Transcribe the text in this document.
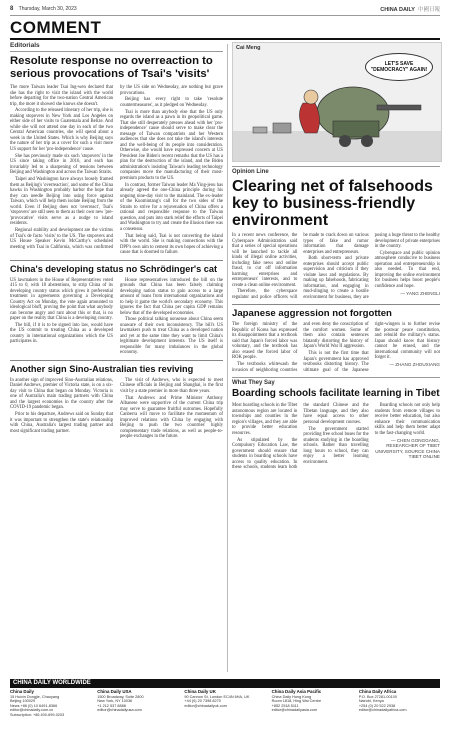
8 Thursday, March 30, 2023	CHINA DAILY 中國日報
COMMENT
Editorials
Resolute response no overreaction to serious provocations of Tsai's 'visits'

The more Taiwan leader Tsai Ing-wen declared that she has the right to visit the island with the world before departing for the two-nation Central American trip, the more it showed she knows she doesn't.

According to the released itinerary of her trip, she is making stopovers in New York and Los Angeles on either side of her visits to Guatemala and Belize. And while she will not attend one day in each of the two Central American countries, she will spend about a week in the United States. Which is why Beijing says the nature of her trip as a cover for such a visit more US support for her 'pro-independence' cause.

She has previously made six such 'stopovers' in the US since taking office in 2016, and each has invariably led to a sharpening of tensions between Beijing and Washington and across the Taiwan Straits.

Taipei and Washington have always loosely framed them as Beijing's 'overreaction', and some of the China hawks in Washington probably harbor the hope that they can needle Beijing into using force against Taiwan, which will help them isolate Beijing from the world. Even if Beijing does not 'overreact', Tsai's 'stopovers' are still seen to them as their own new 'pre-'provocative' visits serve as a nudge to island residents.

Regional stability and development are the victims of Tsai's de facto 'visits' to the US. The stopovers and US House Speaker Kevin McCarthy's scheduled meeting with Tsai in California, which was confirmed by the US side on Wednesday, are nothing but grave provocations.

Beijing has every right to take 'resolute countermeasures', as it pledged on Wednesday.

Tsai is more than anybody else that the US only regards the island as a pawn in its geopolitical game. That she still desperately presses ahead with her 'pro-independence' cause should serve to make clear the message of Taiwan compatriots and her Western audiences that she does not take the island's interests and the well-being of its people into consideration. Otherwise, she would have expressed concern at US President Joe Biden's recent remarks that the US has a plan for the destruction of the island, and the Biden administration's insisting Taiwan's leading technology companies move the manufacturing of their most-premium products to the US.

In contrast, former Taiwan leader Ma Ying-jeou has already agreed the one-China principle during his ongoing nine-day visit to the mainland. The ex-leader of the Kuomintang's call for the two sides of the Straits to strive for a rejuvenation of China offers a rational and responsible response to the Taiwan question, and puts into stark relief the efforts of Taipei and Washington to try and create the illusion there was a consensus.

That being said, Tsai is not converting the island with the world. She is making connections with the DPP's own aim to cement its own hopes of achieving a cause that is doomed to failure.

China's developing status no Schrödinger's cat

US lawmakers in the House of Representatives voted 415 to 0, with 18 abstentions, to strip China of its developing country status which gives it preferential treatment in agreements governing a Developing Country Act on Monday, the vote again amounted to ideological bluff, proving the point that what anybody can become angry and rant about this or that, is no paper on the reality that China is a developing country.

The bill, if it is to be signed into law, would have the US commit to treating China as a developed country in international organizations which the US participates in.

House representatives introduced the bill on the grounds that China has been falsely claiming developing nation status to gain access to a large amount of loans from international organizations and to help it game the world's secondary economy. This ignores the fact that China per capita GDP remains below that of the developed economies.

Those political talking nonsense about China seem unaware of their own inconsistency. The bill's US lawmakers push to treat China as a developed nation and yet at the same time they want to limit China's legitimate development interests. The US itself is responsible for many imbalances in the global economy.

Another sign Sino-Australian ties reviving

In another sign of improved Sino-Australian relations, Daniel Andrews, premier of Victoria state, is on a six-day visit to China that began on Monday. Victoria is one of Australia's main trading partners with China and the largest economies in the country after the COVID-19 pandemic began.

Prior to his departure, Andrews said on Sunday that it was important to strengthen the state's relationship with China, Australia's largest trading partner and most significant trading partner.

The visit of Andrews, who is expected to meet Chinese officials in Beijing and Shanghai, is the first visit by a state premier in more than three years.

That Andrews and Prime Minister Anthony Albanese were supportive of the current China trip may serve to guarantee fruitful outcomes. Hopefully Canberra will move to facilitate the momentum of improved relations with China by engaging with Beijing to push the two countries' highly complementary trade relations, as well as people-to-people exchanges in the future.

Cai Meng
LET'S SAVE "DEMOCRACY" AGAIN!
Opinion Line
Clearing net of falsehoods key to business-friendly environment

In a recent news conference, the Cyberspace Administration said that a series of special operations will be launched to tackle all kinds of illegal online activities, including fake news and online fraud, to cut off information harming enterprises and entrepreneurs' interests, and to create a clean online environment.

Therefore, the cyberspace regulator and police officers will be made to crack down on various types of fake and rumor information that damage enterprises and entrepreneurs.

Both short-term and private enterprises should accept public supervision and criticism if they violate laws and regulations. By making up falsehoods, fabricating information, and engaging in mud-slinging to create a hostile environment for business, they are posing a huge threat to the healthy development of private enterprises in the country.

Cyberspace and public opinion atmosphere conducive to business operation and entrepreneurship is also needed. To that end, improving the online environment for business helps boost people's confidence and hope.

— YANG ZHENGLI
Japanese aggression not forgotten

The foreign ministry of the Republic of Korea has expressed its disappointment that a textbook said that Japan's forced labor was voluntary, and the textbook has also erased the forced labor of ROK people.

The textbooks whitewash the invasion of neighboring countries and even deny the conscription of the comfort women. Some of them also contain sentences blatantly distorting the history of Japan's World War II aggression.

This is not the first time that Japan's government has approved textbooks distorting history. The ultimate goal of the Japanese right-wingers is to further revise the postwar peace constitution, and rebuild the military's status. Japan should know that history cannot be erased, and the international community will not forget it.

— ZHANG ZHOUXIANG
What They Say
Boarding schools facilitate learning in Tibet

Most boarding schools in the Tibet autonomous region are located in townships and counties in the region's villages, and they are able to provide better education resources.

As stipulated by the Compulsory Education Law, the government should ensure that students in boarding schools have access to quality education. In these schools, students learn both the standard Chinese and the Tibetan language, and they also have equal access to other personal development courses.

The government started providing free school buses for the students studying in the boarding schools. Rather than travelling long hours to school, they can enjoy a better learning environment.

Boarding schools not only help students from remote villages to receive better education, but also enhance their communication skills and help them better adapt to the fast-changing world.

— CHEN GONGGANG, RESEARCHER OF TIBET UNIVERSITY, SOURCE CHINA TIBET ONLINE
CHINA DAILY WORLDWIDE
China Daily
15 Huixin Dongjie, Chaoyang
Beijing 100029
News +86 (0) 10 6491-8366
editor@chinadaily.com.cn
Subscription: +86 400-699-0203
China Daily USA
1500 Broadway, Suite 2800
New York, NY 10036
+1 212 537 8888
editor@chinadailyusa.com
China Daily UK
90 Cannon St, London EC4N 6HA, UK
+44 (0) 20 7398 8270
editor@chinadailyuk.com
China Daily Asia Pacific
China Daily Hong Kong
Room 1818, Hing Wai Centre
+852 2518 5111
editor@chinadailyasia.com
China Daily Africa
P.O. Box 27281-00100
Nairobi, Kenya
+254 (0) 20 522 2938
editor@chinadailyafrica.com
